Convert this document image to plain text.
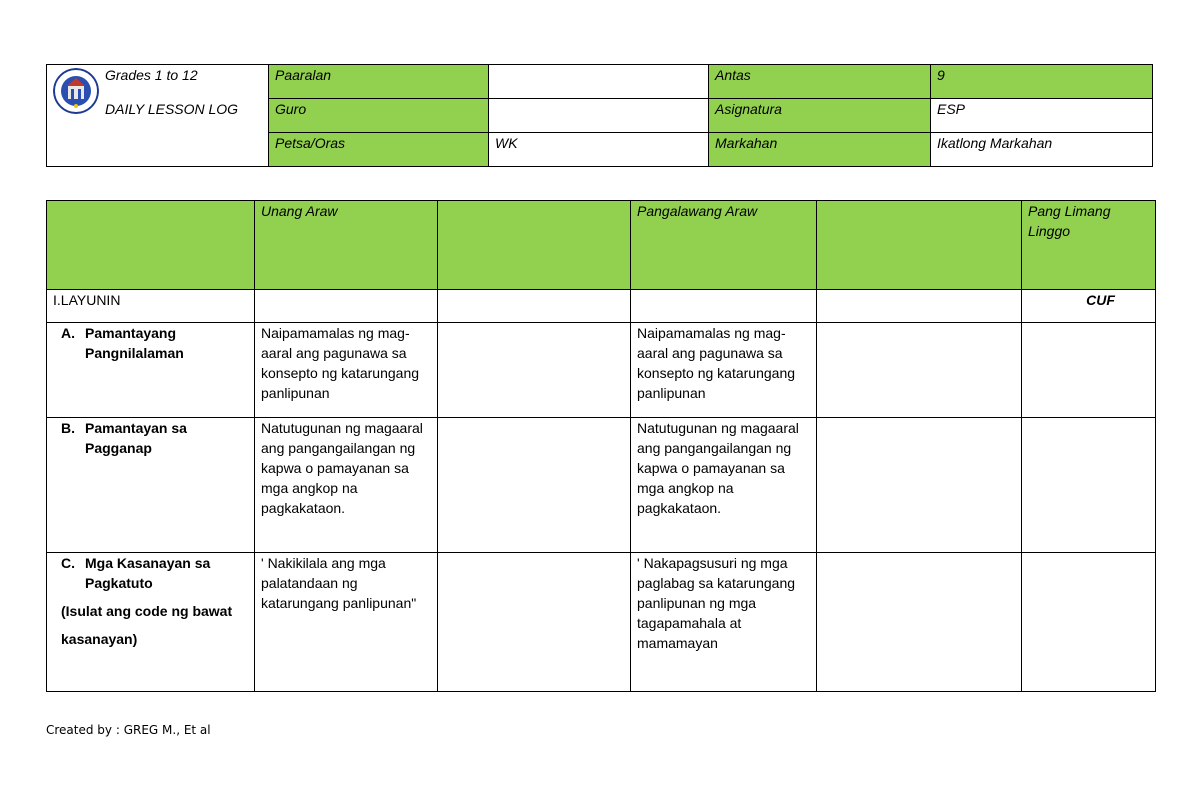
Grades 1 to 12
DAILY LESSON LOG	Paaralan		Antas	9
	Guro		Asignatura	ESP
	Petsa/Oras	WK	Markahan	Ikatlong Markahan
	Unang Araw		Pangalawang Araw		Pang Limang Linggo
I.LAYUNIN					CUF

A. Pamantayang Pangnilalaman	Naipamamalas ng mag-aaral ang pagunawa sa konsepto ng katarungang panlipunan		Naipamamalas ng mag-aaral ang pagunawa sa konsepto ng katarungang panlipunan		

B. Pamantayan sa Pagganap	Natutugunan ng magaaral ang pangangailangan ng kapwa o pamayanan sa mga angkop na pagkakataon.		Natutugunan ng magaaral ang pangangailangan ng kapwa o pamayanan sa mga angkop na pagkakataon.		

C. Mga Kasanayan sa Pagkatuto
(Isulat ang code ng bawat
kasanayan)	' Nakikilala ang mga palatandaan ng katarungang panlipunan"		' Nakapagsusuri ng mga paglabag sa katarungang panlipunan ng mga tagapamahala at mamamayan		
Created by : GREG M., Et al
